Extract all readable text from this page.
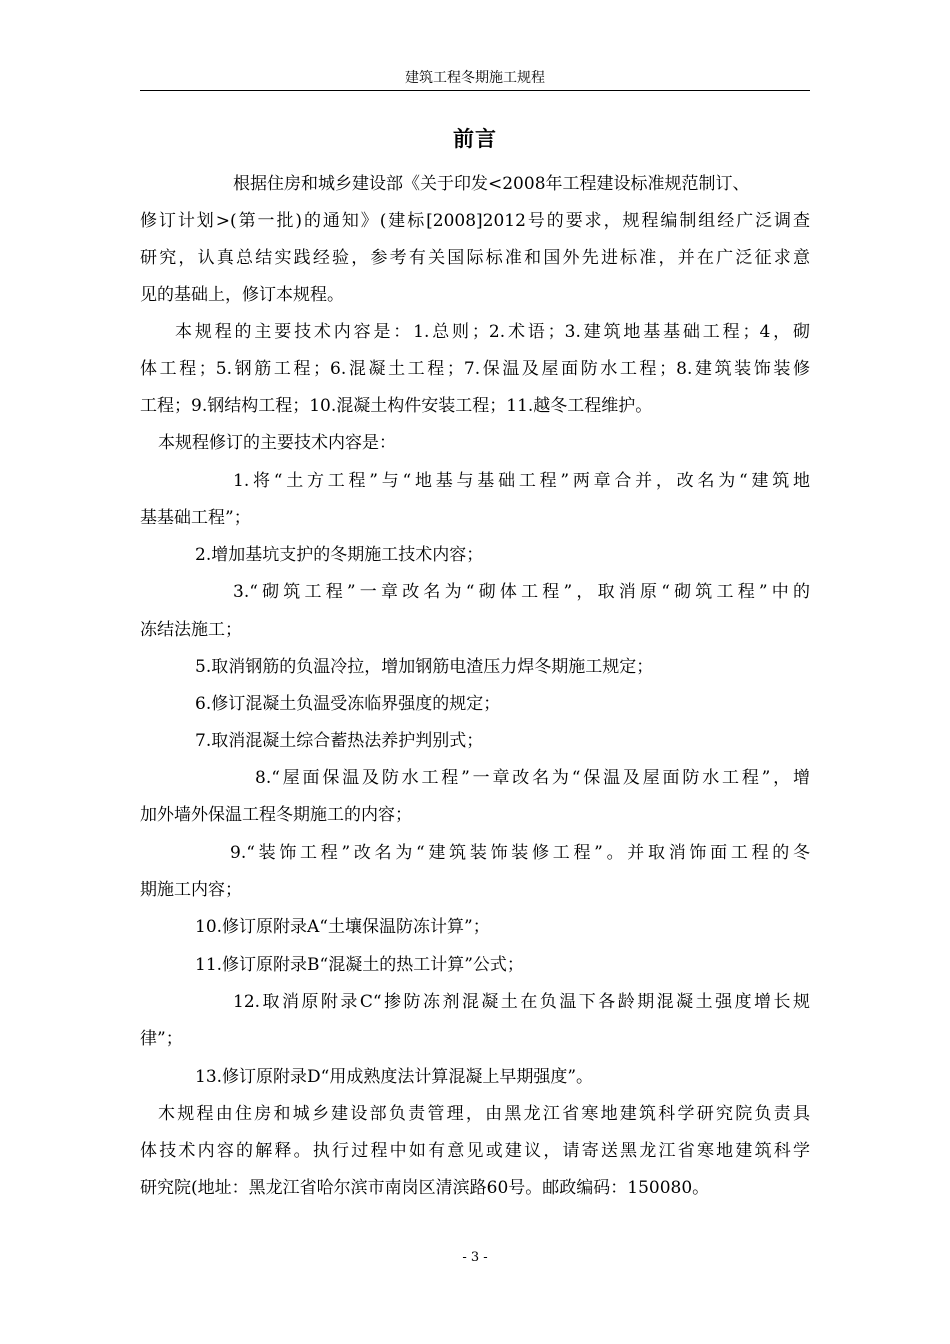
建筑工程冬期施工规程
前言
根据住房和城乡建设部《关于印发<2008年工程建设标准规范制订、
修订计划>(第一批)的通知》(建标[2008]2012号的要求，规程编制组经广泛调查
研究，认真总结实践经验，参考有关国际标准和国外先进标准，并在广泛征求意
见的基础上，修订本规程。
本规程的主要技术内容是：1.总则；2.术语；3.建筑地基基础工程；4，砌
体工程；5.钢筋工程；6.混凝土工程；7.保温及屋面防水工程；8.建筑装饰装修
工程；9.钢结构工程；10.混凝土构件安装工程；11.越冬工程维护。
本规程修订的主要技术内容是：
1.将“土方工程”与“地基与基础工程”两章合并，改名为“建筑地
基基础工程”；
2.增加基坑支护的冬期施工技术内容；
3.“砌筑工程”一章改名为“砌体工程”，取消原“砌筑工程”中的
冻结法施工；
5.取消钢筋的负温冷拉，增加钢筋电渣压力焊冬期施工规定；
6.修订混凝土负温受冻临界强度的规定；
7.取消混凝土综合蓄热法养护判别式；
8.“屋面保温及防水工程”一章改名为“保温及屋面防水工程”，增
加外墙外保温工程冬期施工的内容；
9.“装饰工程”改名为“建筑装饰装修工程”。并取消饰面工程的冬
期施工内容；
10.修订原附录A“土壤保温防冻计算”；
11.修订原附录B“混凝土的热工计算”公式；
12.取消原附录C“掺防冻剂混凝土在负温下各龄期混凝土强度增长规
律”；
13.修订原附录D“用成熟度法计算混凝上早期强度”。
木规程由住房和城乡建设部负责管理，由黑龙江省寒地建筑科学研究院负责具
体技术内容的解释。执行过程中如有意见或建议，请寄送黑龙江省寒地建筑科学
研究院(地址：黑龙江省哈尔滨市南岗区清滨路60号。邮政编码：150080。
- 3 -
